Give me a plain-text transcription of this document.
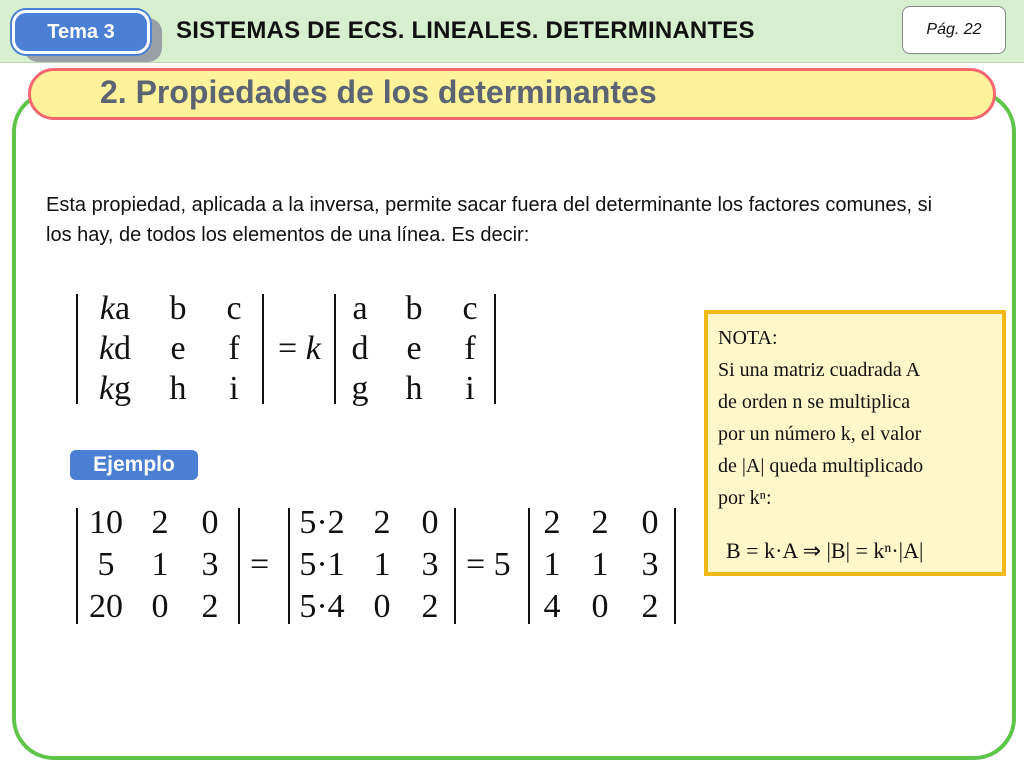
Tema 3	SISTEMAS DE ECS. LINEALES. DETERMINANTES	Pág. 22
2. Propiedades de los determinantes
Esta propiedad, aplicada a la inversa, permite sacar fuera del determinante los factores comunes, si los hay, de todos los elementos de una línea. Es decir:
ka	b	c
kd	e	f
kg	h	i
= k
a	b	c
d	e	f
g	h	i
NOTA:
Si una matriz cuadrada A
de orden n se multiplica
por un número k, el valor
de |A| queda multiplicado
por kⁿ:
B = k·A ⇒ |B| = kⁿ·|A|
Ejemplo
10 2 0
5	1 3
20 0 2
=
5·2 2 0
5·1 1 3
5·4 0 2
= 5
2 2 0
1 1 3
4 0 2
